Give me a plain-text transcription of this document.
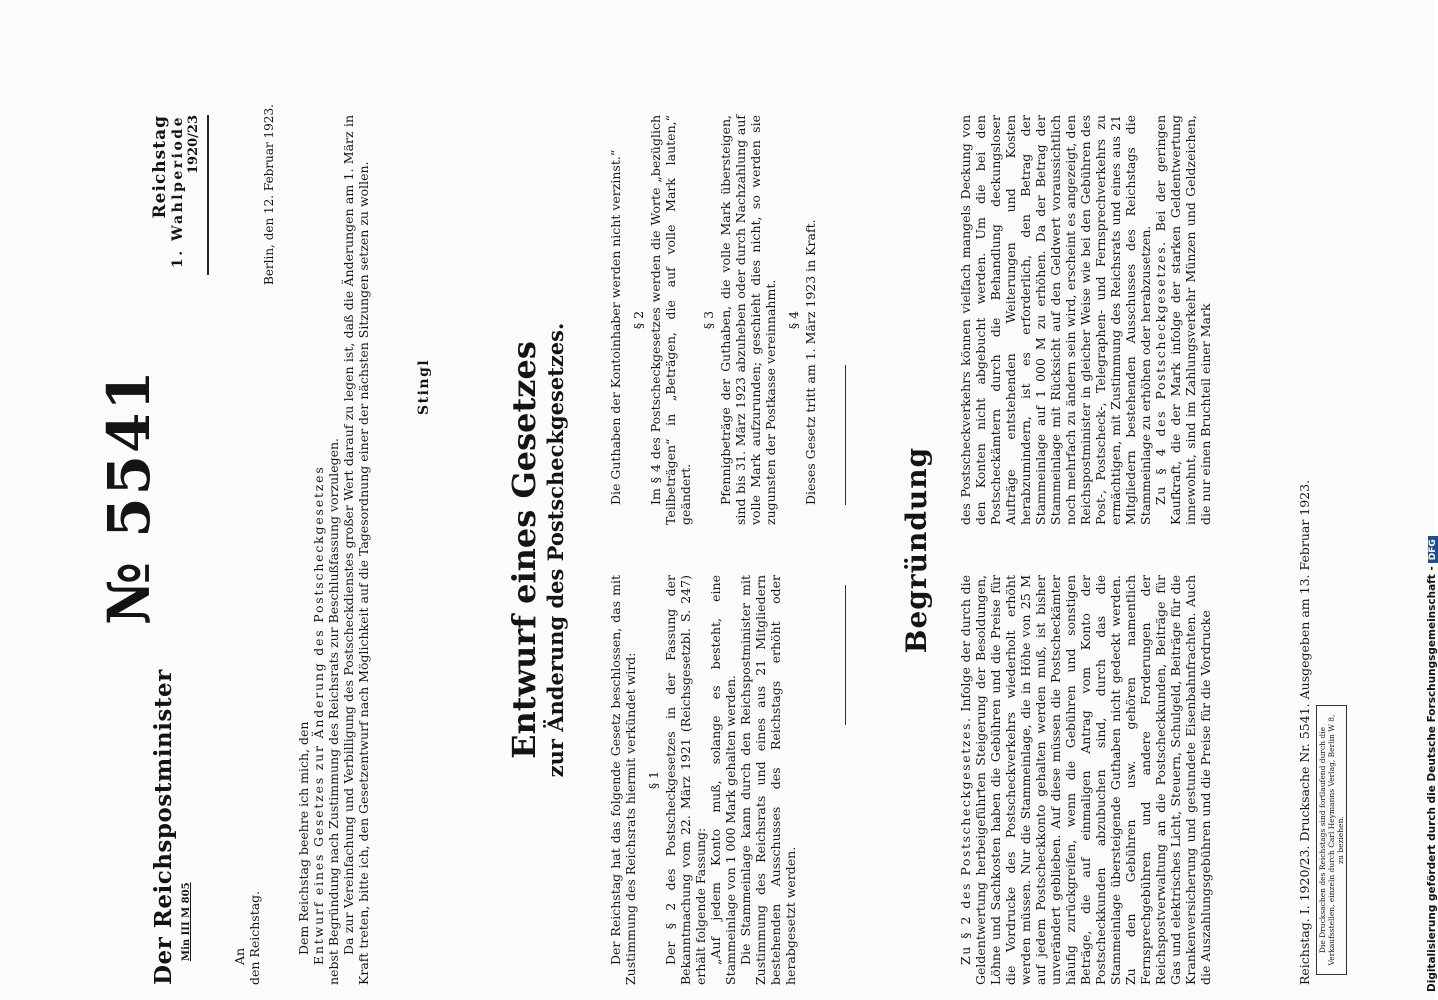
Der Reichspostminister Min III M 805
№ 5541
Reichstag 1. Wahlperiode 1920/23
An den Reichstag.
Berlin, den 12. Februar 1923.

Dem Reichstag beehre ich mich, den Entwurf eines Gesetzes zur Änderung des Postscheckgesetzes nebst Begründung nach Zustimmung des Reichsrats zur Beschlußfassung vorzulegen. Da zur Vereinfachung und Verbilligung des Postscheckdienstes großer Wert darauf zu legen ist, daß die Änderungen am 1. März in Kraft treten, bitte ich, den Gesetzentwurf nach Möglichkeit auf die Tagesordnung einer der nächsten Sitzungen setzen zu wollen.	Stingl Entwurf eines Gesetzes zur Änderung des Postscheckgesetzes.	Der Reichstag hat das folgende Gesetz beschlossen, das mit Zustimmung des Reichsrats hiermit verkündet wird: § 1 Der § 2 des Postscheckgesetzes in der Fassung der Bekanntmachung vom 22. März 1921 (Reichsgesetzbl. S. 247) erhält folgende Fassung: „Auf jedem Konto muß, solange es besteht, eine Stammeinlage von 1 000 Mark gehalten werden. Die Stammeinlage kann durch den Reichspostminister mit Zustimmung des Reichsrats und eines aus 21 Mitgliedern bestehenden Ausschusses des Reichstags erhöht oder herabgesetzt werden.

Die Guthaben der Kontoinhaber werden nicht verzinst.“ § 2 Im § 4 des Postscheckgesetzes werden die Worte „bezüglich Teilbeträgen“ in „Beträgen, die auf volle Mark lauten,“ geändert.

§ 3 Pfennigbeträge der Guthaben, die volle Mark übersteigen, sind bis 31. März 1923 abzuheben oder durch Nachzahlung auf volle Mark aufzurunden; geschieht dies nicht, so werden sie zugunsten der Postkasse vereinnahmt. § 4 Dieses Gesetz tritt am 1. März 1923 in Kraft.

Begründung

Zu § 2 des Postscheckgesetzes. Infolge der durch die Geldentwertung herbeigeführten Steigerung der Besoldungen, Löhne und Sachkosten haben die Gebühren und die Preise für die Vordrucke des Postscheckverkehrs wiederholt erhöht werden müssen. Nur die Stammeinlage, die in Höhe von 25 M auf jedem Postscheckkonto gehalten werden muß, ist bisher unverändert geblieben. Auf diese müssen die Postscheckämter häufig zurückgreifen, wenn die Gebühren und sonstigen Beträge, die auf einmaligen Antrag vom Konto der Postscheckkunden abzubuchen sind, durch das die Stammeinlage übersteigende Guthaben nicht gedeckt werden. Zu den Gebühren usw. gehören namentlich Fernsprechgebühren und andere Forderungen der Reichspostverwaltung an die Postscheckkunden, Beiträge für Gas und elektrisches Licht, Steuern, Schulgeld, Beiträge für die Krankenversicherung und gestundete Eisenbahnfrachten. Auch die Auszahlungsgebühren und die Preise für die Vordrucke

des Postscheckverkehrs können vielfach mangels Deckung von den Konten nicht abgebucht werden. Um die bei den Postscheckämtern durch die Behandlung deckungsloser Aufträge entstehenden Weiterungen und Kosten herabzumindern, ist es erforderlich, den Betrag der Stammeinlage auf 1 000 M zu erhöhen. Da der Betrag der Stammeinlage mit Rücksicht auf den Geldwert voraussichtlich noch mehrfach zu ändern sein wird, erscheint es angezeigt, den Reichspostminister in gleicher Weise wie bei den Gebühren des Post-, Postscheck-, Telegraphen- und Fernsprechverkehrs zu ermächtigen, mit Zustimmung des Reichsrats und eines aus 21 Mitgliedern bestehenden Ausschusses des Reichstags die Stammeinlage zu erhöhen oder herabzusetzen. Zu § 4 des Postscheckgesetzes. Bei der geringen Kaufkraft, die der Mark infolge der starken Geldentwertung innewohnt, sind im Zahlungsverkehr Münzen und Geldzeichen, die nur einen Bruchteil einer Mark

Reichstag. I. 1920/23. Drucksache Nr. 5541. Ausgegeben am 13. Februar 1923.
Die Drucksachen des Reichstags sind fortlaufend durch die Verkaufsstellen, einzeln durch Carl Heymanns Verlag, Berlin W 8, zu beziehen.	Digitalisierung gefördert durch die Deutsche Forschungsgemeinschaft -DFG
